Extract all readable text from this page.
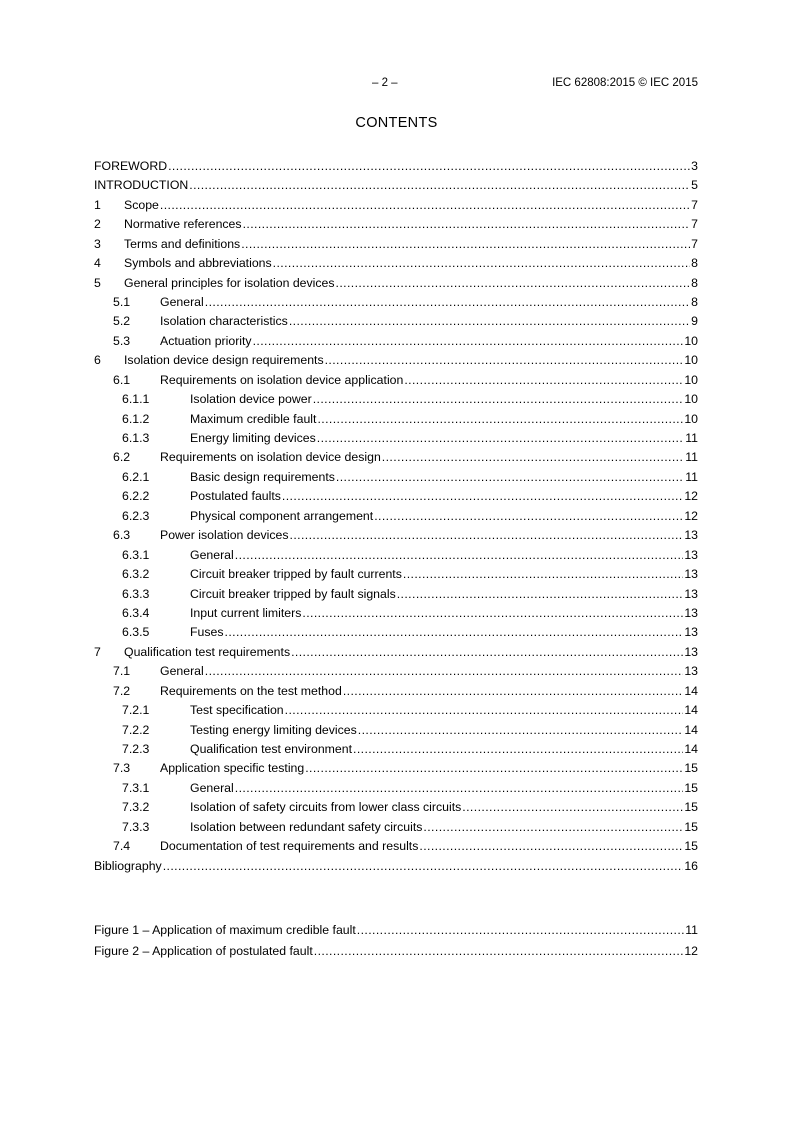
– 2 –	IEC 62808:2015 © IEC 2015
CONTENTS
FOREWORD .....	3
INTRODUCTION .....	5
1	Scope .....	7
2	Normative references .....	7
3	Terms and definitions .....	7
4	Symbols and abbreviations .....	8
5	General principles for isolation devices .....	8
5.1	General .....	8
5.2	Isolation characteristics .....	9
5.3	Actuation priority .....	10
6	Isolation device design requirements .....	10
6.1	Requirements on isolation device application .....	10
6.1.1	Isolation device power .....	10
6.1.2	Maximum credible fault .....	10
6.1.3	Energy limiting devices .....	11
6.2	Requirements on isolation device design .....	11
6.2.1	Basic design requirements .....	11
6.2.2	Postulated faults .....	12
6.2.3	Physical component arrangement .....	12
6.3	Power isolation devices .....	13
6.3.1	General .....	13
6.3.2	Circuit breaker tripped by fault currents .....	13
6.3.3	Circuit breaker tripped by fault signals .....	13
6.3.4	Input current limiters .....	13
6.3.5	Fuses .....	13
7	Qualification test requirements .....	13
7.1	General .....	13
7.2	Requirements on the test method .....	14
7.2.1	Test specification .....	14
7.2.2	Testing energy limiting devices .....	14
7.2.3	Qualification test environment .....	14
7.3	Application specific testing .....	15
7.3.1	General .....	15
7.3.2	Isolation of safety circuits from lower class circuits .....	15
7.3.3	Isolation between redundant safety circuits .....	15
7.4	Documentation of test requirements and results .....	15
Bibliography .....	16
Figure 1 – Application of maximum credible fault .....	11
Figure 2 – Application of postulated fault .....	12
